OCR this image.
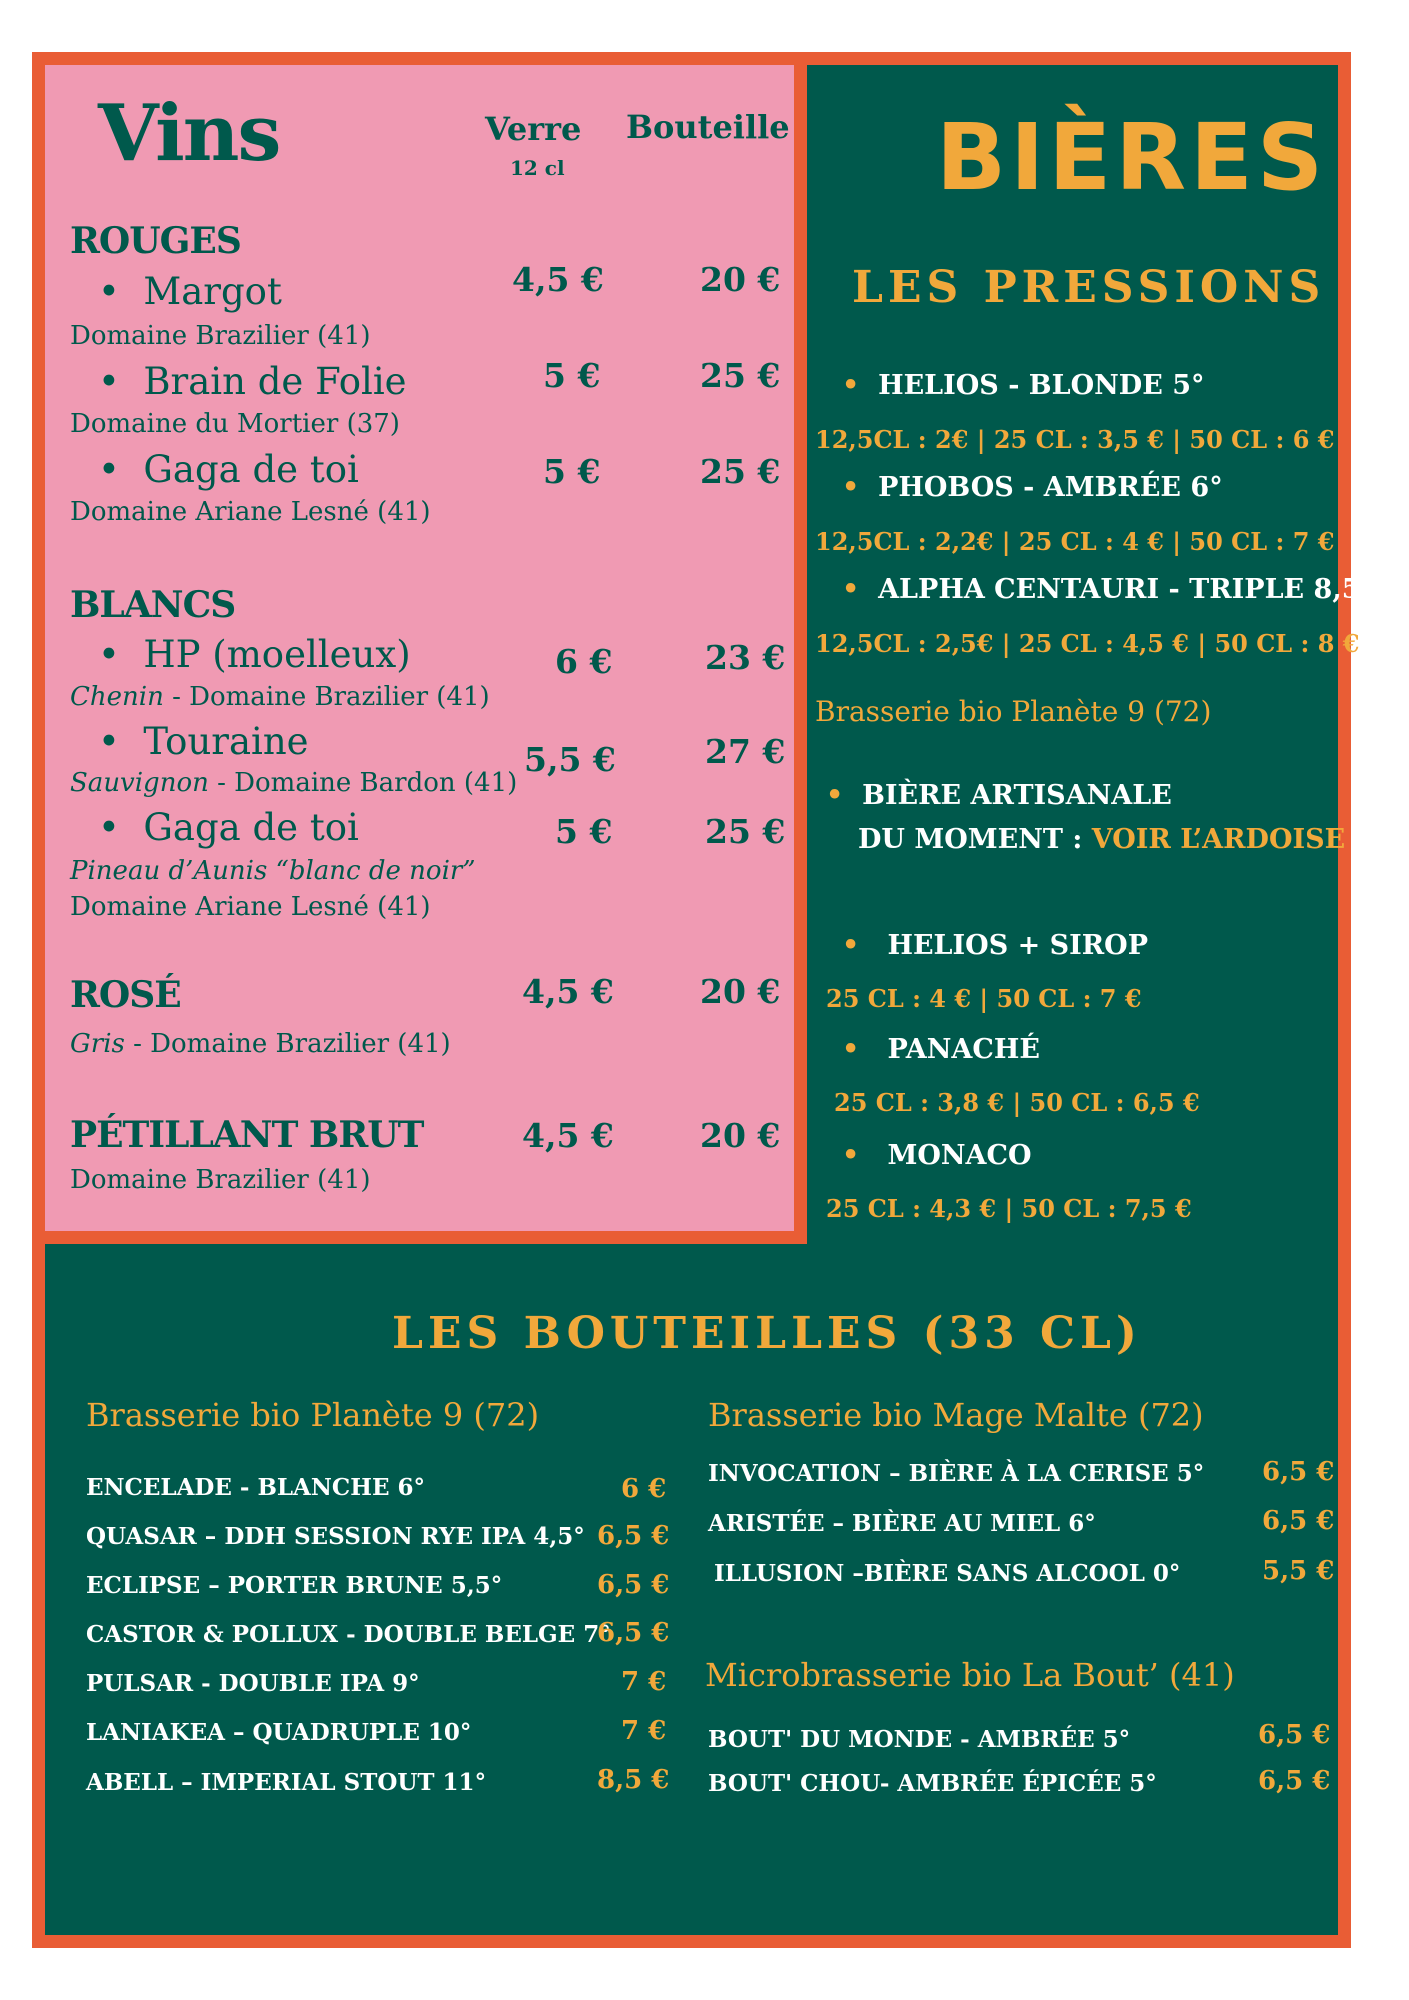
Vins	Verre
12 cl
Bouteille
ROUGES
•  Margot
Domaine Brazilier (41)
4,5 €	20 €
•  Brain de Folie
Domaine du Mortier (37)
5 €	25 €
•  Gaga de toi
Domaine Ariane Lesné (41)
5 €	25 €
BLANCS
•  HP (moelleux)
Chenin - Domaine Brazilier (41)
6 €	23 €
•  Touraine
Sauvignon - Domaine Bardon (41)
5,5 €	27 €
•  Gaga de toi
Pineau d’Aunis “blanc de noir”
Domaine Ariane Lesné (41)
5 €	25 €
ROSÉ
Gris - Domaine Brazilier (41)
4,5 €	20 €
PÉTILLANT BRUT
Domaine Brazilier (41)
4,5 €	20 €
BIÈRES
LES PRESSIONS
• HELIOS - BLONDE 5°
12,5CL : 2€ | 25 CL : 3,5 € | 50 CL : 6 €
• PHOBOS - AMBRÉE 6°
12,5CL : 2,2€ | 25 CL : 4 € | 50 CL : 7 €
• ALPHA CENTAURI - TRIPLE 8,5°
12,5CL : 2,5€ | 25 CL : 4,5 € | 50 CL : 8 €
Brasserie bio Planète 9 (72)
• BIÈRE ARTISANALE
DU MOMENT : VOIR L’ARDOISE
• HELIOS + SIROP
25 CL : 4 € | 50 CL : 7 €
• PANACHÉ
25 CL : 3,8 € | 50 CL : 6,5 €
• MONACO
25 CL : 4,3 € | 50 CL : 7,5 €
LES BOUTEILLES (33 CL)
Brasserie bio Planète 9 (72)
ENCELADE - BLANCHE 6°	6 €
QUASAR – DDH SESSION RYE IPA 4,5° 6,5 €
ECLIPSE – PORTER BRUNE 5,5°	6,5 €
CASTOR & POLLUX - DOUBLE BELGE 7°
6,5 €
PULSAR - DOUBLE IPA 9°	7 €
LANIAKEA – QUADRUPLE 10°	7 €
ABELL – IMPERIAL STOUT 11°	8,5 €
Brasserie bio Mage Malte (72)
INVOCATION – BIÈRE À LA CERISE 5° 6,5 €
ARISTÉE – BIÈRE AU MIEL 6°	6,5 €
ILLUSION –BIÈRE SANS ALCOOL 0°	5,5 €
Microbrasserie bio La Bout’ (41)
BOUT' DU MONDE - AMBRÉE 5°	6,5 €
BOUT' CHOU- AMBRÉE ÉPICÉE 5°	6,5 €
